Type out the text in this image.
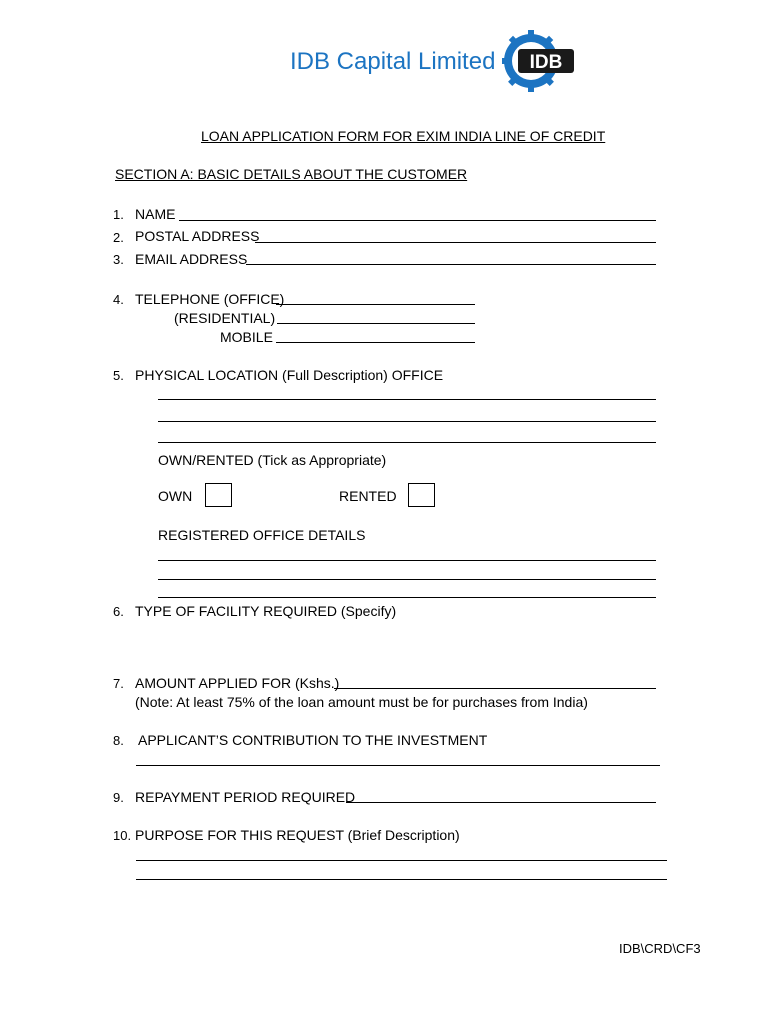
IDB Capital Limited IDB
LOAN APPLICATION FORM FOR EXIM INDIA LINE OF CREDIT
SECTION A: BASIC DETAILS ABOUT THE CUSTOMER
1. NAME
2. POSTAL ADDRESS
3. EMAIL ADDRESS
4. TELEPHONE (OFFICE)
(RESIDENTIAL)
MOBILE
5. PHYSICAL LOCATION (Full Description) OFFICE
OWN/RENTED (Tick as Appropriate)
OWN	RENTED
REGISTERED OFFICE DETAILS
6. TYPE OF FACILITY REQUIRED (Specify)
7. AMOUNT APPLIED FOR (Kshs.)
(Note: At least 75% of the loan amount must be for purchases from India)
8. APPLICANT’S CONTRIBUTION TO THE INVESTMENT
9. REPAYMENT PERIOD REQUIRED
10. PURPOSE FOR THIS REQUEST (Brief Description)
IDB\CRD\CF3
